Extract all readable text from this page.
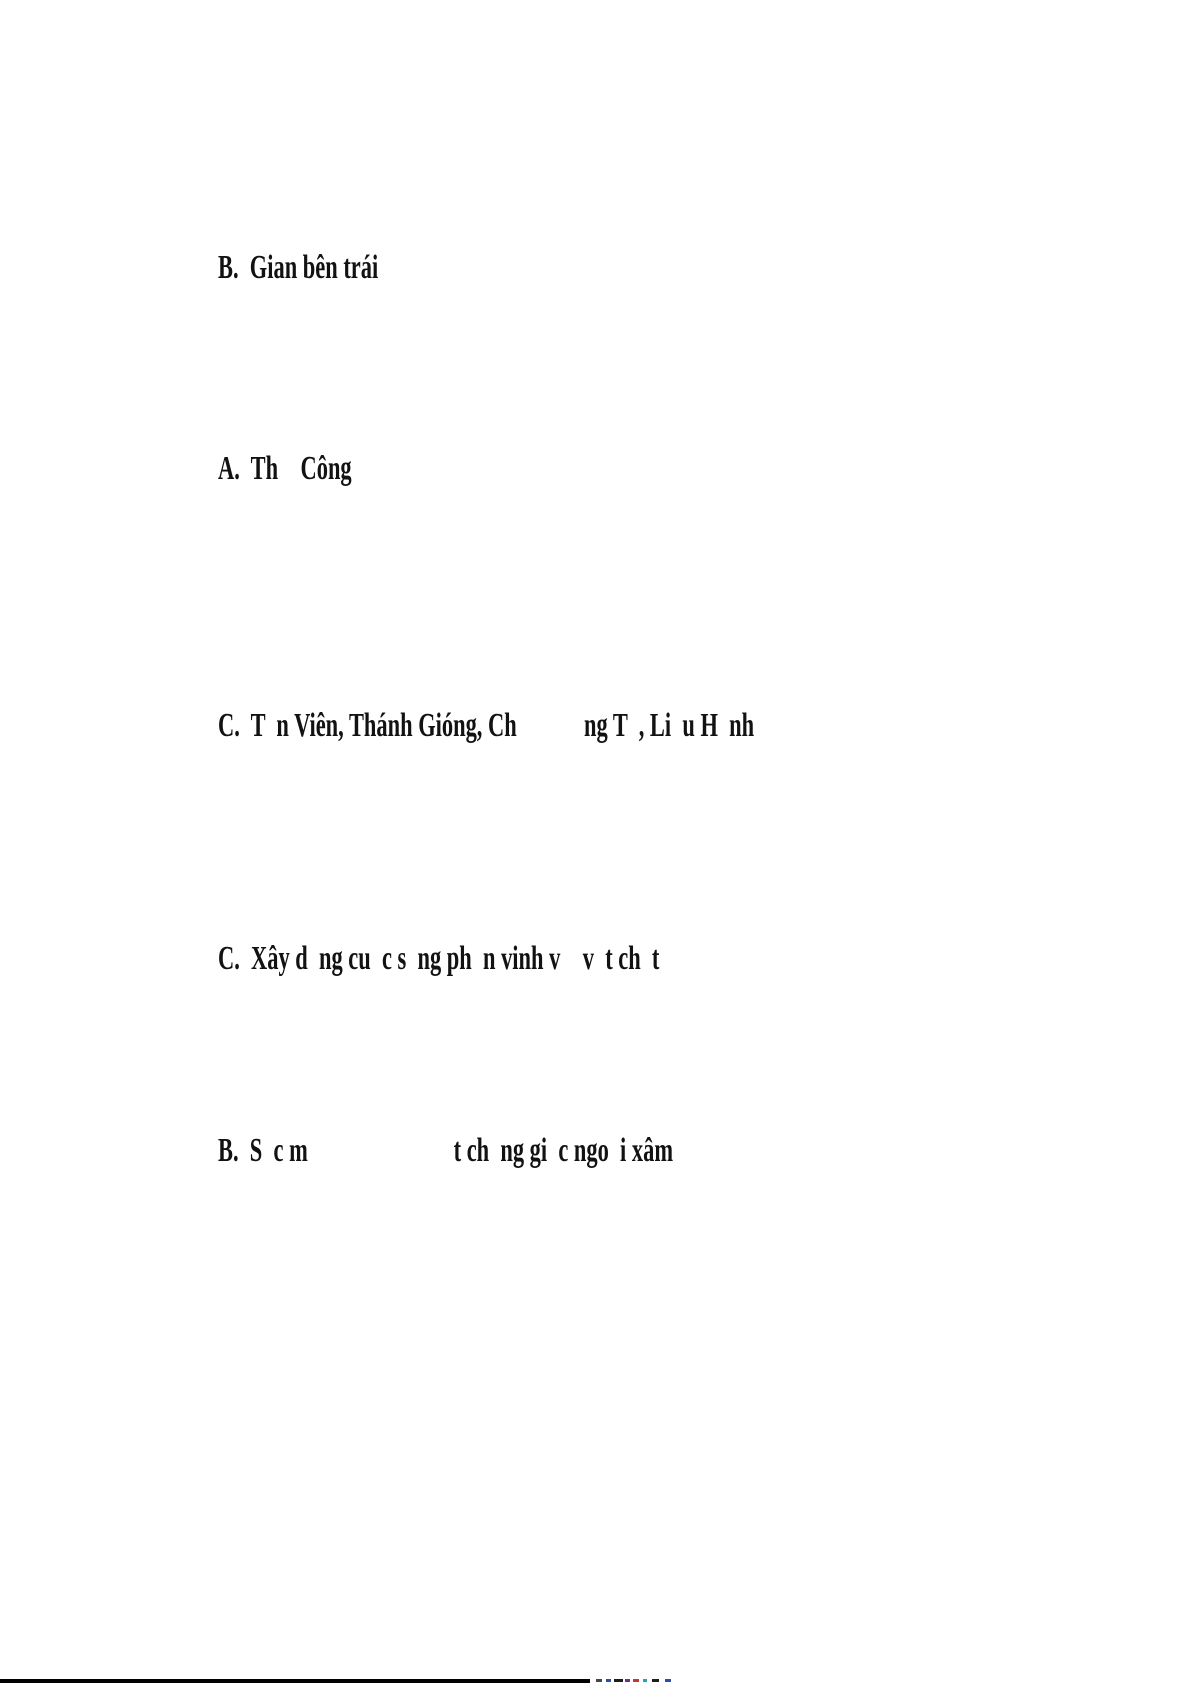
B.  Gian bên trái
A.  Th    Công
C.  T  n Viên, Thánh Gióng, Ch            ng T  , Li  u H  nh
C.  Xây d  ng cu  c s  ng ph  n vinh v    v  t ch  t
B.  S  c m                          t ch  ng gi  c ngo  i xâm
